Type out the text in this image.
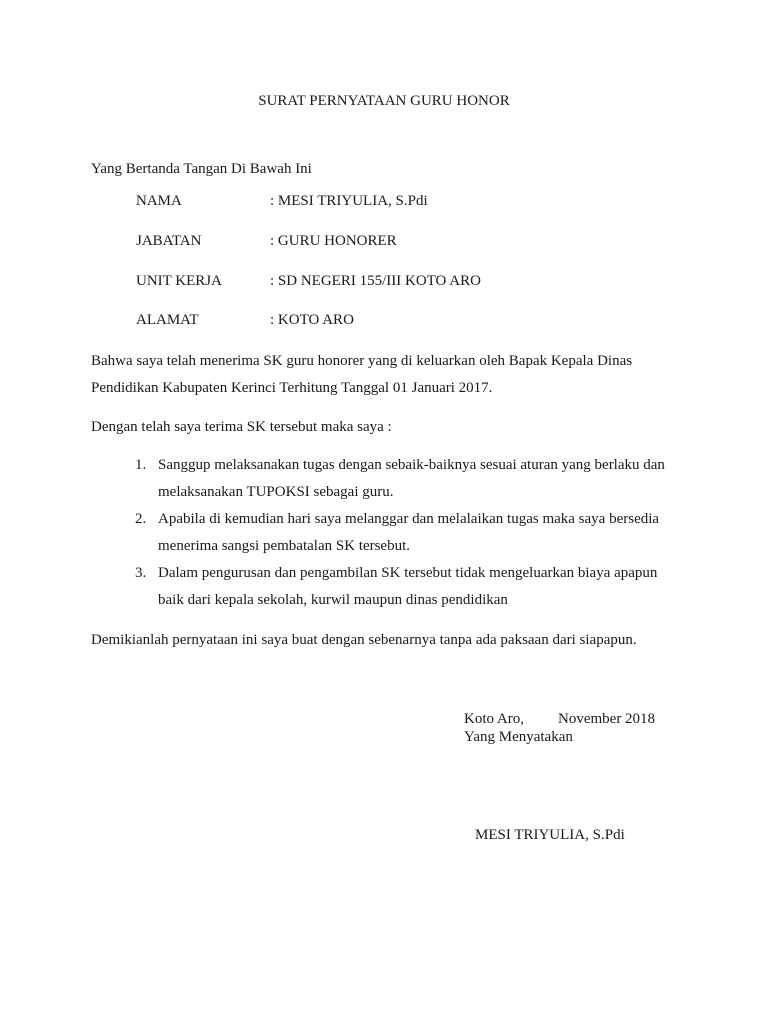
SURAT PERNYATAAN GURU HONOR
Yang Bertanda Tangan Di Bawah Ini
NAMA	: MESI TRIYULIA, S.Pdi
JABATAN	: GURU HONORER
UNIT KERJA	: SD NEGERI 155/III KOTO ARO
ALAMAT	: KOTO ARO
Bahwa saya telah menerima SK guru honorer yang di keluarkan oleh Bapak Kepala Dinas Pendidikan Kabupaten Kerinci Terhitung Tanggal 01 Januari 2017.
Dengan telah saya terima SK tersebut maka saya :
1. Sanggup melaksanakan tugas dengan sebaik-baiknya sesuai aturan yang berlaku dan melaksanakan TUPOKSI sebagai guru.
2. Apabila di kemudian hari saya melanggar dan melalaikan tugas maka saya bersedia menerima sangsi pembatalan SK tersebut.
3. Dalam pengurusan dan pengambilan SK tersebut tidak mengeluarkan biaya apapun baik dari kepala sekolah, kurwil maupun dinas pendidikan
Demikianlah pernyataan ini saya buat dengan sebenarnya tanpa ada paksaan dari siapapun.
Koto Aro, November 2018
Yang Menyatakan
MESI TRIYULIA, S.Pdi
